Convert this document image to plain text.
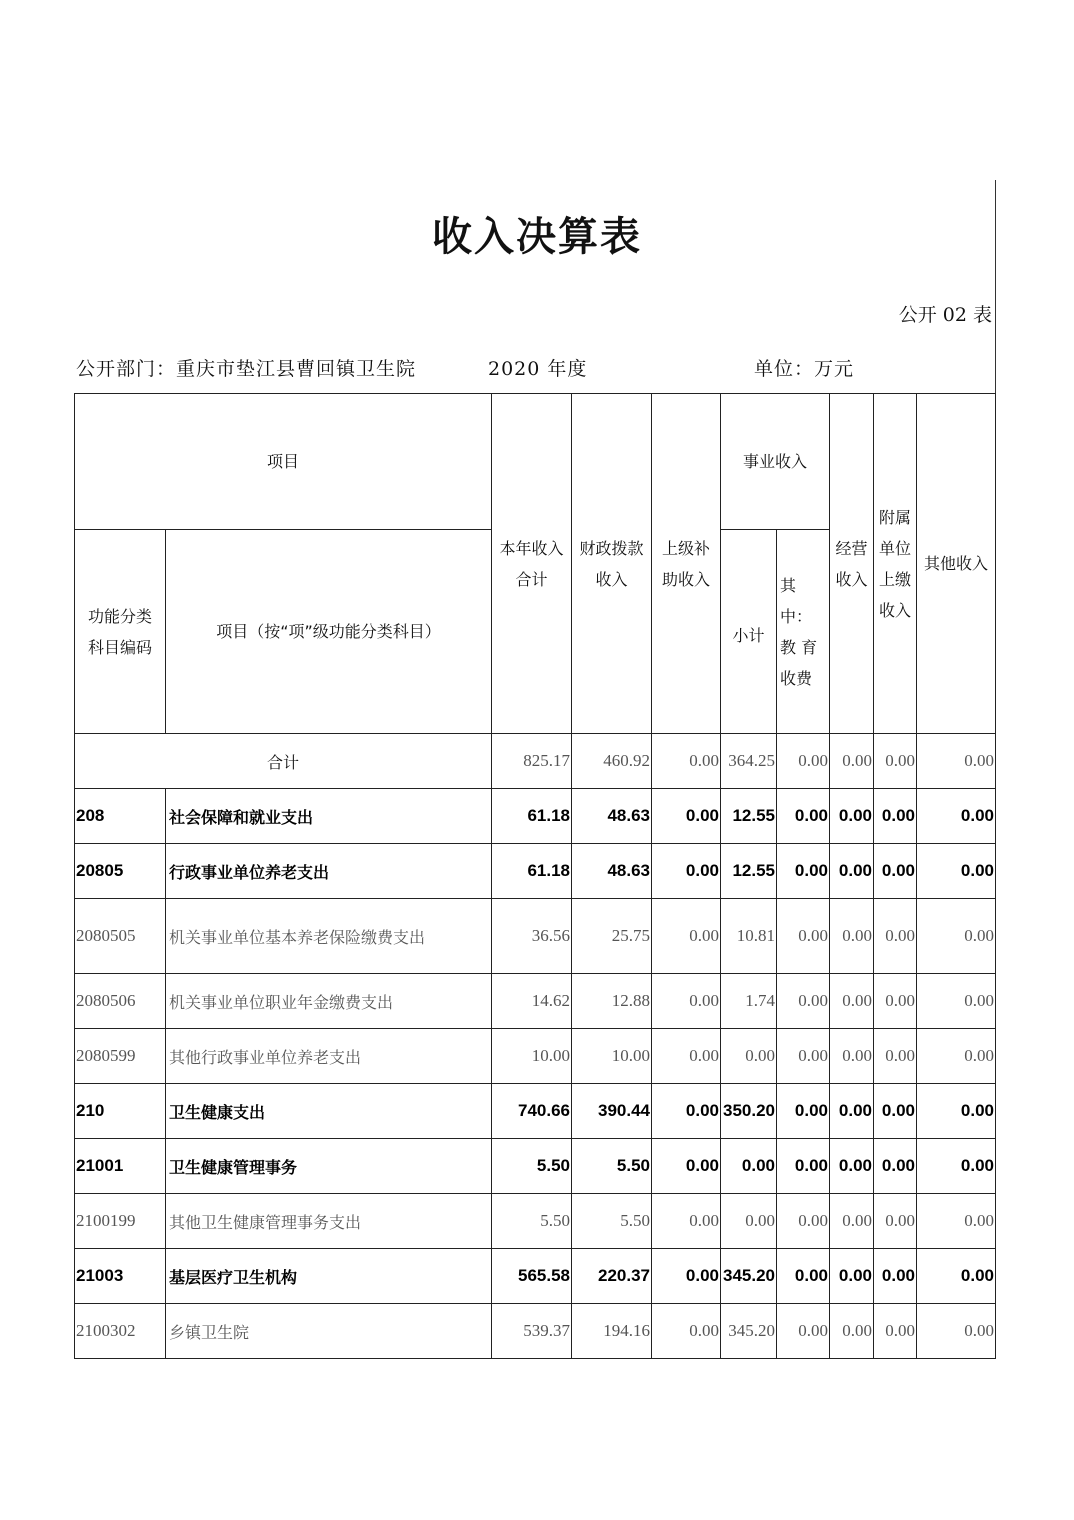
收入决算表
公开 02 表
公开部门：重庆市垫江县曹回镇卫生院	2020 年度	单位：万元
项目		本年收入合计	财政拨款收入	上级补助收入	事业收入		经营收入	附属单位上缴收入	其他收入
功能分类科目编码	项目（按“项”级功能分类科目）				小计	其中：教 育收费			
合计		825.17	460.92	0.00	364.25	0.00	0.00	0.00	0.00
208	社会保障和就业支出	61.18	48.63	0.00	12.55	0.00	0.00	0.00	0.00
20805	行政事业单位养老支出	61.18	48.63	0.00	12.55	0.00	0.00	0.00	0.00
2080505	机关事业单位基本养老保险缴费支出	36.56	25.75	0.00	10.81	0.00	0.00	0.00	0.00
2080506	机关事业单位职业年金缴费支出	14.62	12.88	0.00	1.74	0.00	0.00	0.00	0.00
2080599	其他行政事业单位养老支出	10.00	10.00	0.00	0.00	0.00	0.00	0.00	0.00
210	卫生健康支出	740.66	390.44	0.00	350.20	0.00	0.00	0.00	0.00
21001	卫生健康管理事务	5.50	5.50	0.00	0.00	0.00	0.00	0.00	0.00
2100199	其他卫生健康管理事务支出	5.50	5.50	0.00	0.00	0.00	0.00	0.00	0.00
21003	基层医疗卫生机构	565.58	220.37	0.00	345.20	0.00	0.00	0.00	0.00
2100302	乡镇卫生院	539.37	194.16	0.00	345.20	0.00	0.00	0.00	0.00
